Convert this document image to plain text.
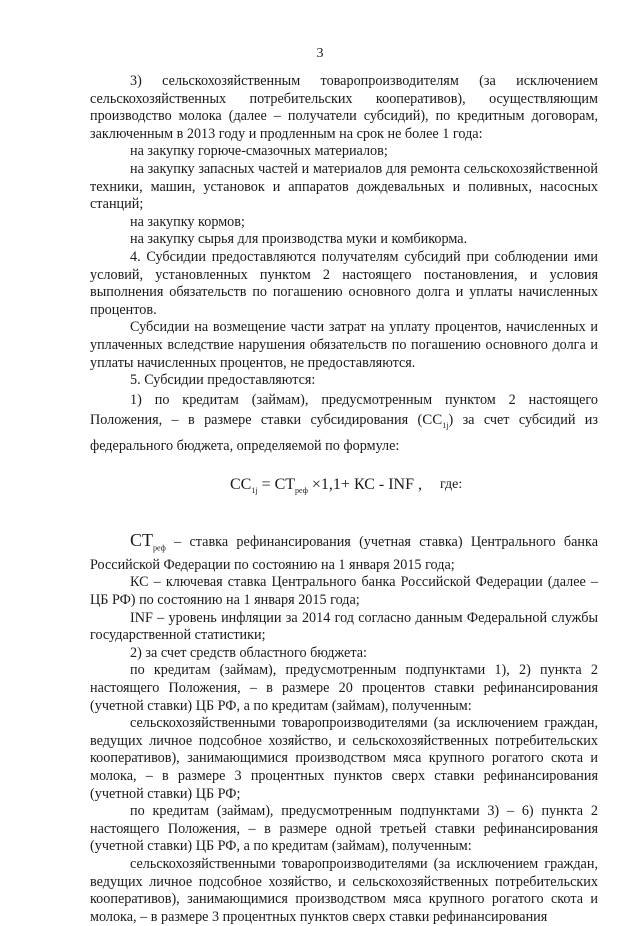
3

3) сельскохозяйственным товаропроизводителям (за исключением сельскохозяйственных потребительских кооперативов), осуществляющим производство молока (далее – получатели субсидий), по кредитным договорам, заключенным в 2013 году и продленным на срок не более 1 года:

на закупку горюче-смазочных материалов;

на закупку запасных частей и материалов для ремонта сельскохозяйственной техники, машин, установок и аппаратов дождевальных и поливных, насосных станций;

на закупку кормов;

на закупку сырья для производства муки и комбикорма.

4. Субсидии предоставляются получателям субсидий при соблюдении ими условий, установленных пунктом 2 настоящего постановления, и условия выполнения обязательств по погашению основного долга и уплаты начисленных процентов.

Субсидии на возмещение части затрат на уплату процентов, начисленных и уплаченных вследствие нарушения обязательств по погашению основного долга и уплаты начисленных процентов, не предоставляются.

5. Субсидии предоставляются:

1) по кредитам (займам), предусмотренным пунктом 2 настоящего Положения, – в размере ставки субсидирования $(CC_{1j})$ за счет субсидий из федерального бюджета, определяемой по формуле:

$CC_{1j} = CT_{реф} \times 1,1+$ КС - INF , где:

$CT_{реф}$ – ставка рефинансирования (учетная ставка) Центрального банка Российской Федерации по состоянию на 1 января 2015 года;

КС – ключевая ставка Центрального банка Российской Федерации (далее – ЦБ РФ) по состоянию на 1 января 2015 года;

INF – уровень инфляции за 2014 год согласно данным Федеральной службы государственной статистики;

2) за счет средств областного бюджета:

по кредитам (займам), предусмотренным подпунктами 1), 2) пункта 2 настоящего Положения, – в размере 20 процентов ставки рефинансирования (учетной ставки) ЦБ РФ, а по кредитам (займам), полученным:

сельскохозяйственными товаропроизводителями (за исключением граждан, ведущих личное подсобное хозяйство, и сельскохозяйственных потребительских кооперативов), занимающимися производством мяса крупного рогатого скота и молока, – в размере 3 процентных пунктов сверх ставки рефинансирования (учетной ставки) ЦБ РФ;

по кредитам (займам), предусмотренным подпунктами 3) – 6) пункта 2 настоящего Положения, – в размере одной третьей ставки рефинансирования (учетной ставки) ЦБ РФ, а по кредитам (займам), полученным:

сельскохозяйственными товаропроизводителями (за исключением граждан, ведущих личное подсобное хозяйство, и сельскохозяйственных потребительских кооперативов), занимающимися производством мяса крупного рогатого скота и молока, – в размере 3 процентных пунктов сверх ставки рефинансирования
